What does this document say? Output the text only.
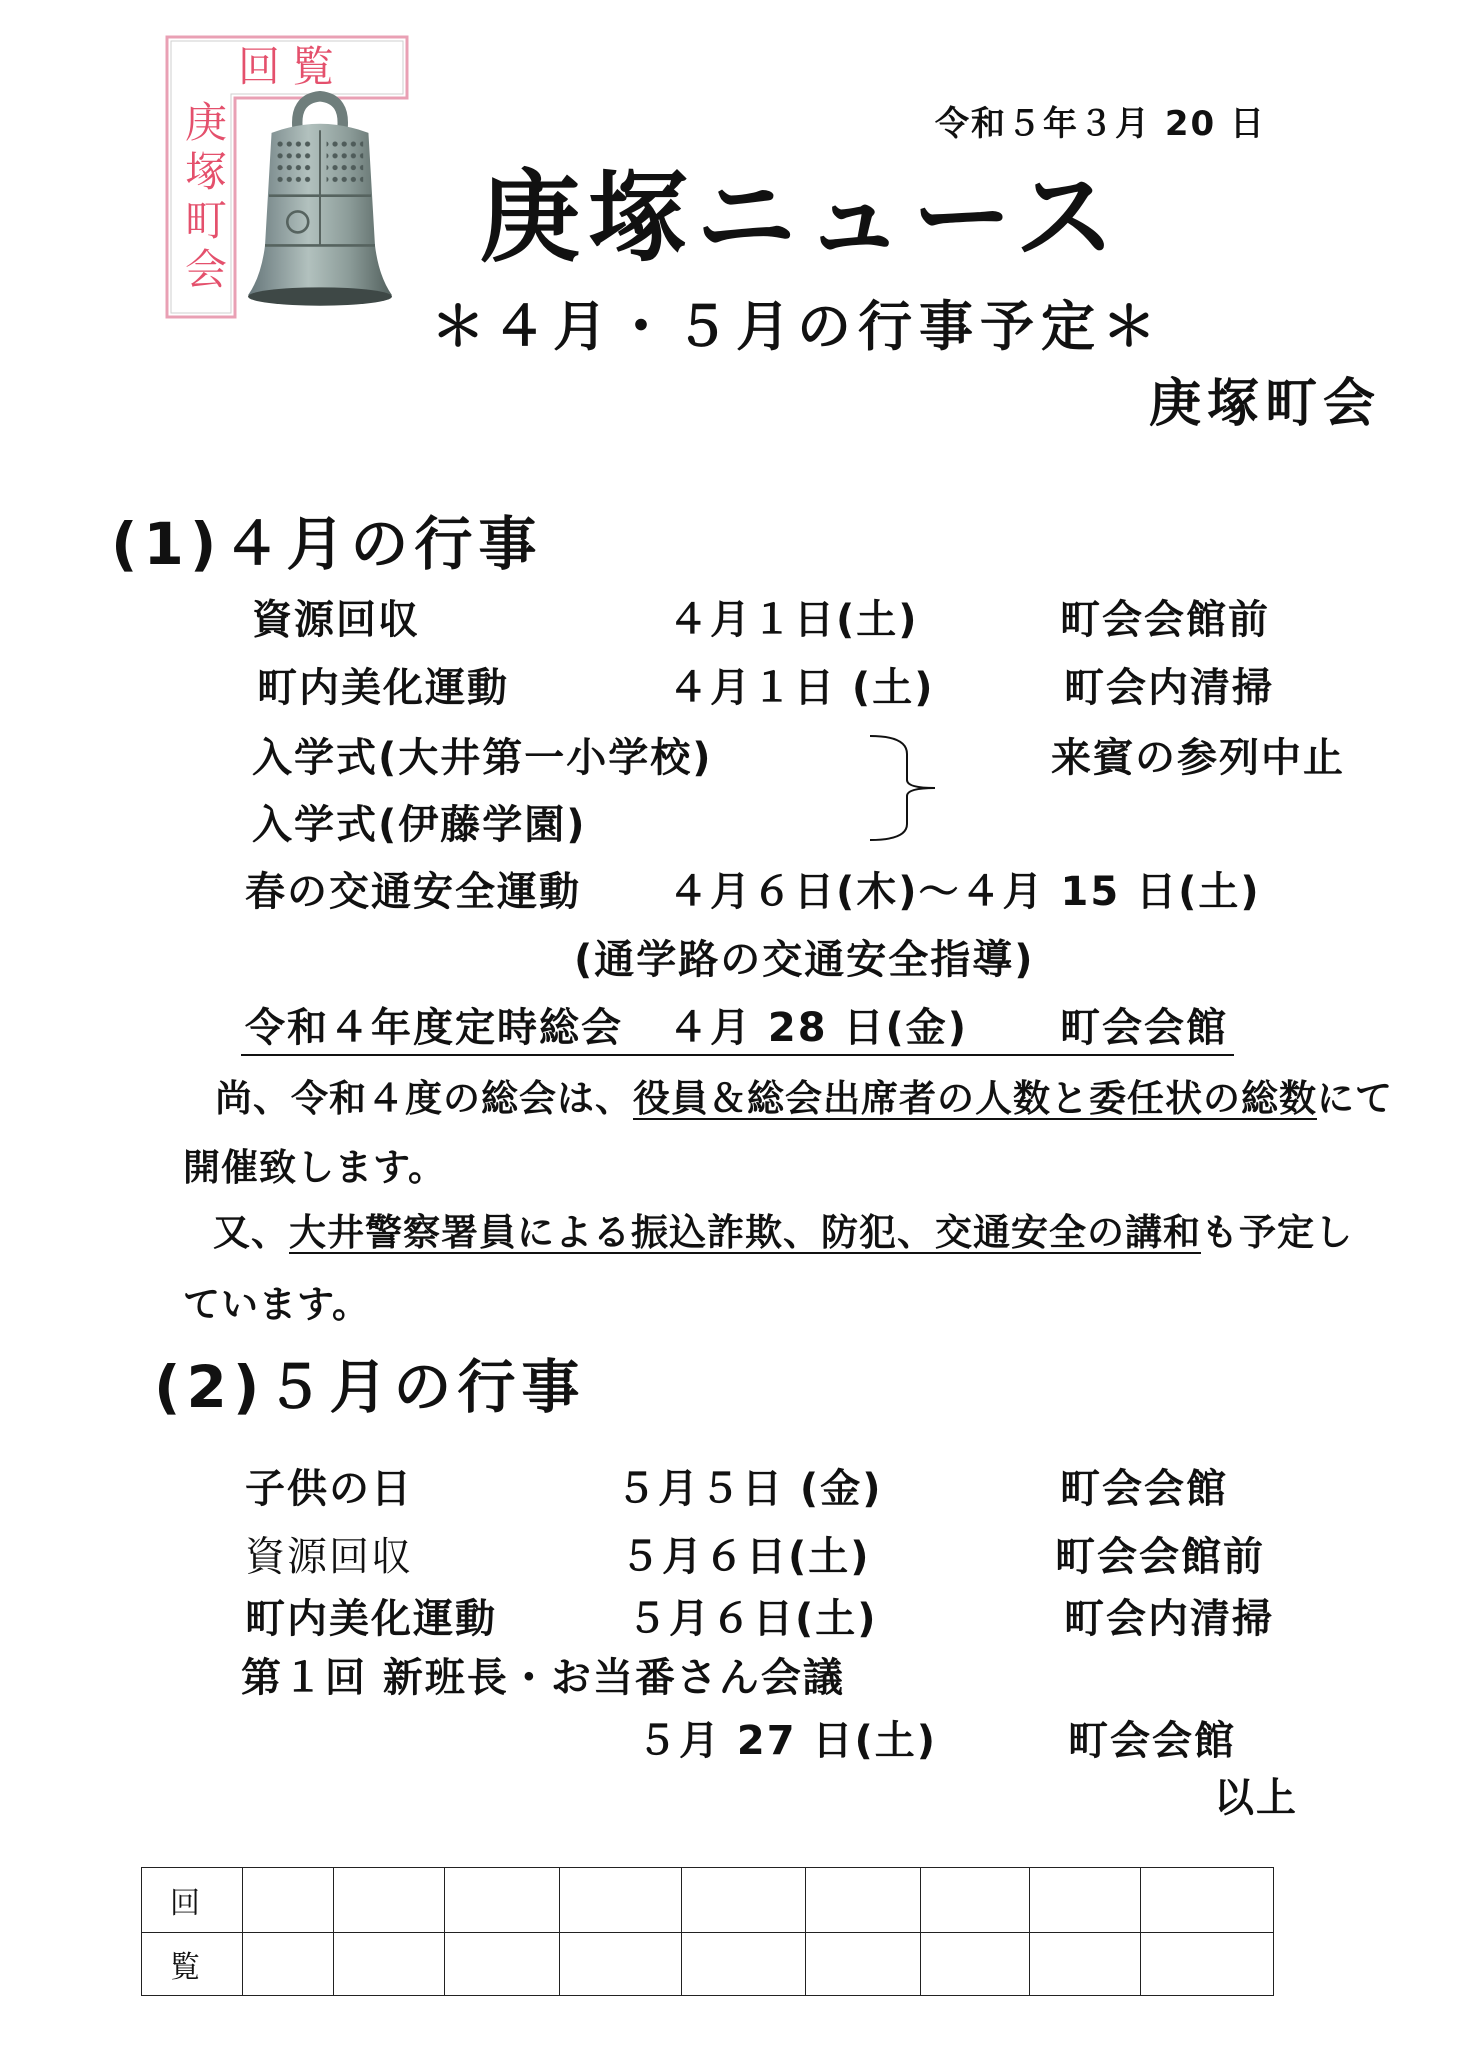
回覧
庚塚町会	令和５年３月 20 日
庚塚ニュース
＊４月・５月の行事予定＊
庚塚町会
(1)４月の行事
資源回収	４月１日(土)	町会会館前
町内美化運動	４月１日 (土)	町会内清掃
入学式(大井第一小学校)	来賓の参列中止
入学式(伊藤学園)
春の交通安全運動 ４月６日(木)～４月 15 日(土)
(通学路の交通安全指導)
令和４年度定時総会 ４月 28 日(金) 町会会館
尚、令和４度の総会は、役員＆総会出席者の人数と委任状の総数にて
開催致します。
又、大井警察署員による振込詐欺、防犯、交通安全の講和も予定し
ています。
(2)５月の行事
子供の日	５月５日 (金)	町会会館
資源回収	５月６日(土)	町会会館前
町内美化運動	５月６日(土)	町会内清掃
第１回 新班長・お当番さん会議
５月 27 日(土)	町会会館
以上
回									
覧									
